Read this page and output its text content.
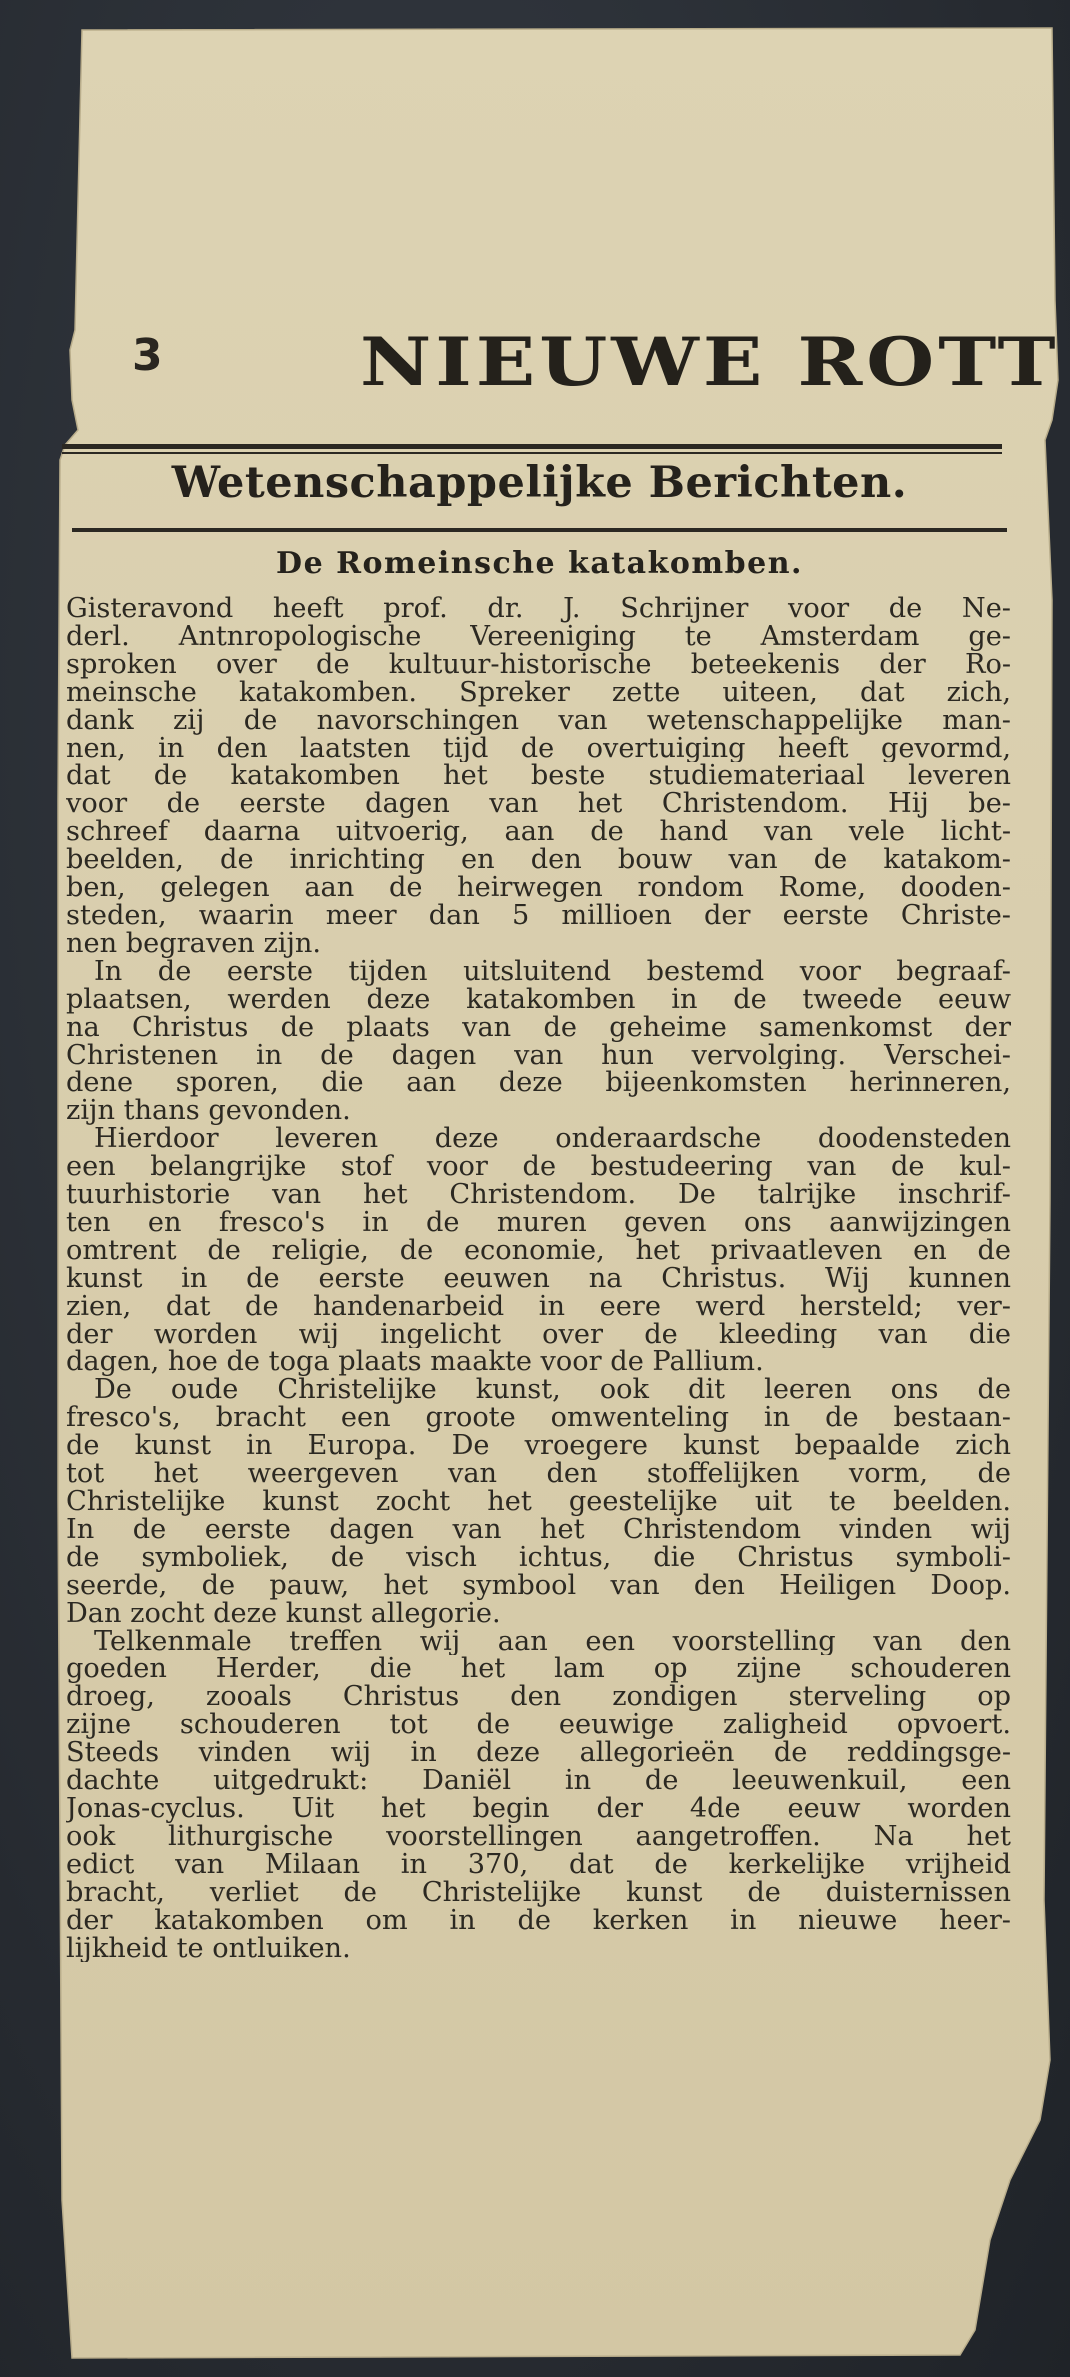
3	NIEUWE ROTT
Wetenschappelijke Berichten.
De Romeinsche katakomben.
Gisteravond heeft prof. dr. J. Schrijner voor de Ne-
derl. Antnropologische Vereeniging te Amsterdam ge-
sproken over de kultuur-historische beteekenis der Ro-
meinsche katakomben. Spreker zette uiteen, dat zich,
dank zij de navorschingen van wetenschappelijke man-
nen, in den laatsten tijd de overtuiging heeft gevormd,
dat de katakomben het beste studiemateriaal leveren
voor de eerste dagen van het Christendom. Hij be-
schreef daarna uitvoerig, aan de hand van vele licht-
beelden, de inrichting en den bouw van de katakom-
ben, gelegen aan de heirwegen rondom Rome, dooden-
steden, waarin meer dan 5 millioen der eerste Christe-
nen begraven zijn.
In de eerste tijden uitsluitend bestemd voor begraaf-
plaatsen, werden deze katakomben in de tweede eeuw
na Christus de plaats van de geheime samenkomst der
Christenen in de dagen van hun vervolging. Verschei-
dene sporen, die aan deze bijeenkomsten herinneren,
zijn thans gevonden.
Hierdoor leveren deze onderaardsche doodensteden
een belangrijke stof voor de bestudeering van de kul-
tuurhistorie van het Christendom. De talrijke inschrif-
ten en fresco's in de muren geven ons aanwijzingen
omtrent de religie, de economie, het privaatleven en de
kunst in de eerste eeuwen na Christus. Wij kunnen
zien, dat de handenarbeid in eere werd hersteld; ver-
der worden wij ingelicht over de kleeding van die
dagen, hoe de toga plaats maakte voor de Pallium.
De oude Christelijke kunst, ook dit leeren ons de
fresco's, bracht een groote omwenteling in de bestaan-
de kunst in Europa. De vroegere kunst bepaalde zich
tot het weergeven van den stoffelijken vorm, de
Christelijke kunst zocht het geestelijke uit te beelden.
In de eerste dagen van het Christendom vinden wij
de symboliek, de visch ichtus, die Christus symboli-
seerde, de pauw, het symbool van den Heiligen Doop.
Dan zocht deze kunst allegorie.
Telkenmale treffen wij aan een voorstelling van den
goeden Herder, die het lam op zijne schouderen
droeg, zooals Christus den zondigen sterveling op
zijne schouderen tot de eeuwige zaligheid opvoert.
Steeds vinden wij in deze allegorieën de reddingsge-
dachte uitgedrukt: Daniël in de leeuwenkuil, een
Jonas-cyclus. Uit het begin der 4de eeuw worden
ook lithurgische voorstellingen aangetroffen. Na het
edict van Milaan in 370, dat de kerkelijke vrijheid
bracht, verliet de Christelijke kunst de duisternissen
der katakomben om in de kerken in nieuwe heer-
lijkheid te ontluiken.
